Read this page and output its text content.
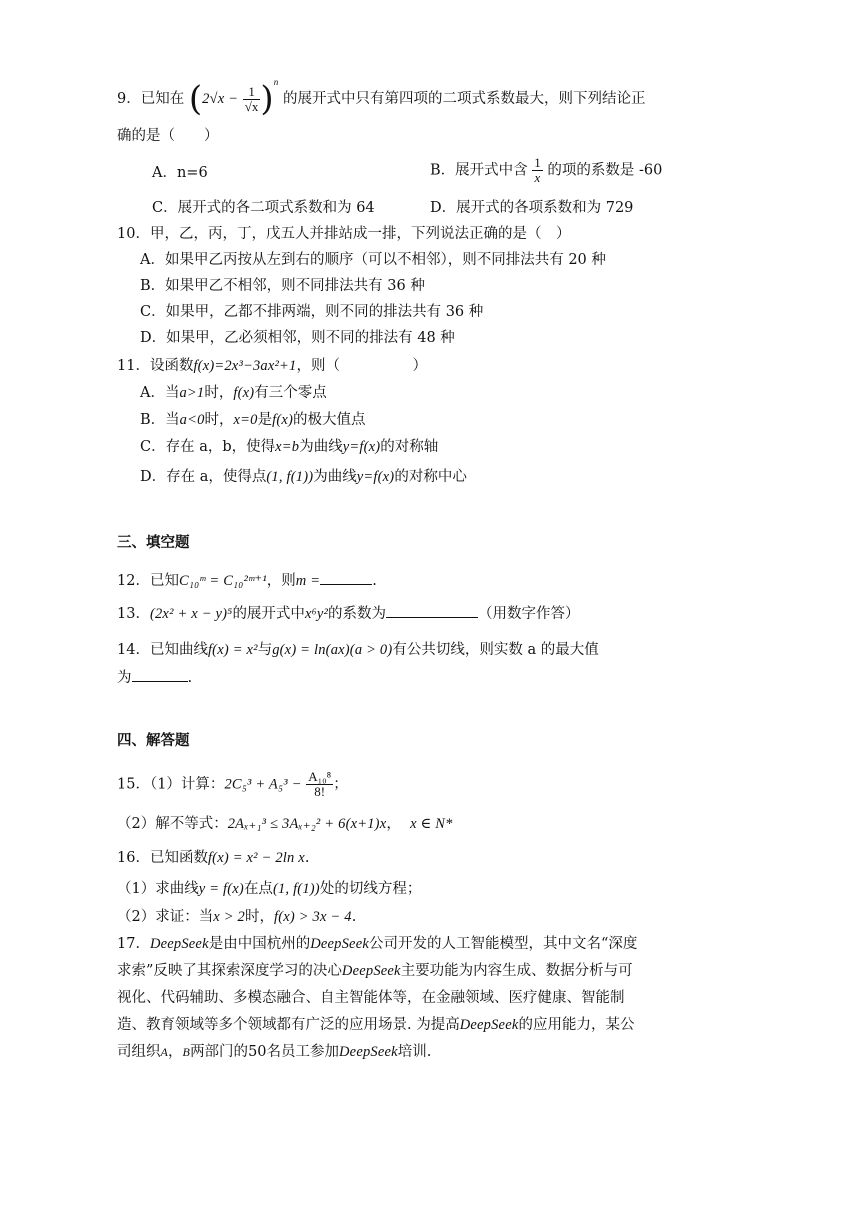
9．已知在 $(2√x - \frac{1}{√x} )^n$ 的展开式中只有第四项的二项式系数最大，则下列结论正
确的是（　　）
A．n=6	B．展开式中含 $\frac{1}{x}$ 的项的系数是 -60
C．展开式的各二项式系数和为 64	D．展开式的各项系数和为 729
10．甲，乙，丙，丁，戊五人并排站成一排，下列说法正确的是（　）
A．如果甲乙丙按从左到右的顺序（可以不相邻），则不同排法共有 20 种
B．如果甲乙不相邻，则不同排法共有 36 种
C．如果甲，乙都不排两端，则不同的排法共有 36 种
D．如果甲，乙必须相邻，则不同的排法有 48 种
11．设函数f(x)=2x³−3ax²+1，则（　　　　　）
A．当a>1时，f(x)有三个零点
B．当a<0时，x=0是f(x)的极大值点
C．存在 a，b，使得x=b为曲线y=f(x)的对称轴
D．存在 a，使得点(1, f(1))为曲线y=f(x)的对称中心
三、填空题
12．已知C₁₀ᵐ = C₁₀²ᵐ⁺¹，则m =	.
13．(2x² + x − y)⁵的展开式中x⁶y²的系数为	（用数字作答）
14．已知曲线f(x) = x²与g(x) = ln(ax)(a > 0)有公共切线，则实数 a 的最大值
为	.
四、解答题
15．（1）计算：$2C_5^3 + A_5^3 - \frac{\text{A₁₀⁸}}{8!}$ ；
（2）解不等式：2Aₓ₊₁³ ≤ 3Aₓ₊₂² + 6(x+1)x， x ∈ N*
16．已知函数f(x) = x² − 2ln x.
（1）求曲线y = f(x)在点(1, f(1))处的切线方程；
（2）求证：当x > 2时，f(x) > 3x − 4.
17．DeepSeek是由中国杭州的DeepSeek公司开发的人工智能模型，其中文名“深度
求索”反映了其探索深度学习的决心DeepSeek主要功能为内容生成、数据分析与可
视化、代码辅助、多模态融合、自主智能体等，在金融领域、医疗健康、智能制
造、教育领域等多个领域都有广泛的应用场景. 为提高DeepSeek的应用能力，某公
司组织A，B两部门的50名员工参加DeepSeek培训.
